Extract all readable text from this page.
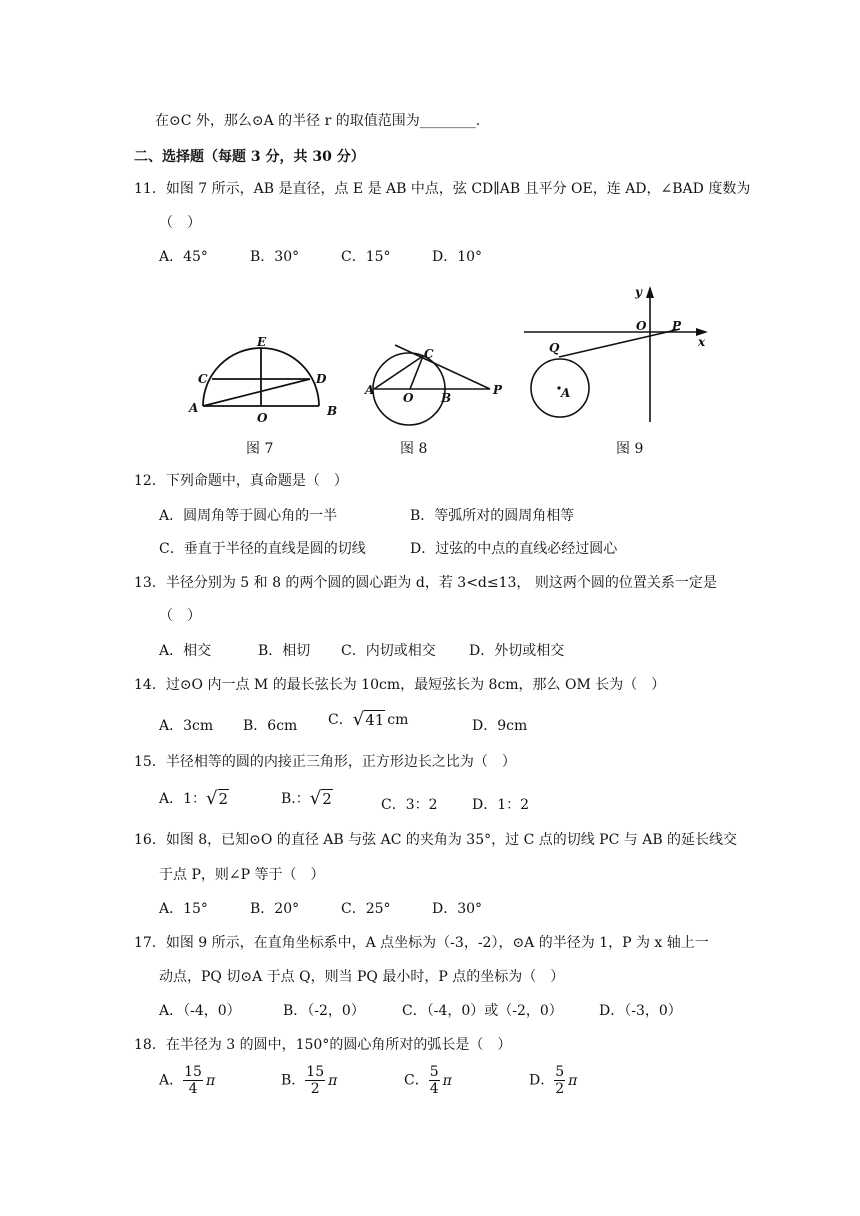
在⊙C 外，那么⊙A 的半径 r 的取值范围为________.
二、选择题（每题 3 分，共 30 分）
11．如图 7 所示，AB 是直径，点 E 是 AB 中点，弦 CD∥AB 且平分 OE，连 AD，∠BAD 度数为
（　）
A．45°	B．30°	C．15°	D．10°
E
C	D
A
O	B
C
A
O B
P
y
O P
x
Q
A
图 7	图 8	图 9
12．下列命题中，真命题是（　）
A．圆周角等于圆心角的一半	B．等弧所对的圆周角相等
C．垂直于半径的直线是圆的切线	D．过弦的中点的直线必经过圆心
13．半径分别为 5 和 8 的两个圆的圆心距为 d，若 3<d≤13， 则这两个圆的位置关系一定是
（　）
A．相交	B．相切 C．内切或相交 D．外切或相交
14．过⊙O 内一点 M 的最长弦长为 10cm，最短弦长为 8cm，那么 OM 长为（　）
A．3cm B．6cm C．√41 cm	D．9cm
15．半径相等的圆的内接正三角形，正方形边长之比为（　）
A．1：√2	B.：√2	C．3：2 D．1：2
16．如图 8，已知⊙O 的直径 AB 与弦 AC 的夹角为 35°，过 C 点的切线 PC 与 AB 的延长线交
于点 P，则∠P 等于（　）
A．15°	B．20°	C．25°	D．30°
17．如图 9 所示，在直角坐标系中，A 点坐标为（-3，-2），⊙A 的半径为 1，P 为 x 轴上一
动点，PQ 切⊙A 于点 Q，则当 PQ 最小时，P 点的坐标为（　）
A．（-4，0）	B．（-2，0）	C．（-4，0）或（-2，0）	D．（-3，0）
18．在半径为 3 的圆中，150°的圆心角所对的弧长是（　）
A． $\frac{15}{4}$ π	B． $\frac{15}{2}$ π	C． $\frac{5}{4}$ π	D． $\frac{5}{2}$ π
